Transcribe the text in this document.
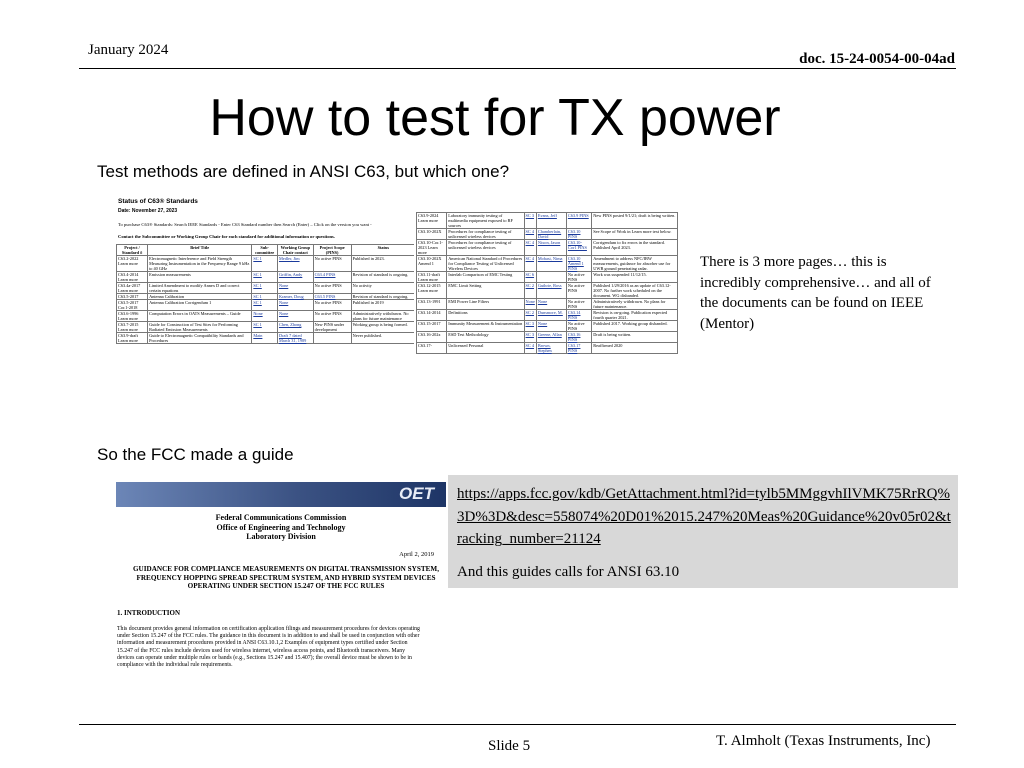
January 2024
doc. 15-24-0054-00-04ad
How to test for TX power
Test methods are defined in ANSI C63, but which one?
Status of C63® Standards
Date: November 27, 2023
To purchase C63® Standards: Search IEEE Standards - Enter C63 Standard number then Search (Enter) – Click on the version you want -
Contact the Subcommittee or Working Group Chair for each standard for additional information or questions.
Project / Standard #	Brief Title	Sub-committee	Working Group Chair contact	Project Scope (PINS)	Status
C63.2-2022 Learn more	Electromagnetic Interference and Field Strength Measuring Instrumentation in the Frequency Range 9 kHz to 40 GHz	SC 1	Medler, Jim	No active PINS	Published in 2023.
C63.4-2014 Learn more	Emission measurements	SC 1	Griffin, Andy	C63.4 PINS	Revision of standard is ongoing.
C63.4a-2017 Learn more	Limited Amendment to modify Annex D and correct certain equations	SC 1	None	No active PINS	No activity
C63.5-2017	Antenna Calibration	SC 1	Kramer, Doug	C63.5 PINS	Revision of standard is ongoing.
C63.5-2017 Cor.1-2018	Antenna Calibration Corrigendum 1	SC 1	None	No active PINS	Published in 2019
C63.6-1996 Learn more	Computation Errors in OATS Measurements – Guide	None	None	No active PINS	Administratively withdrawn. No plans for future maintenance
C63.7-2015 Learn more	Guide for Construction of Test Sites for Performing Radiated Emission Measurements	SC 1	Chen, Zhong	New PINS under development	Working group is being formed.
C63.9-draft Learn more	Guide to Electromagnetic Compatibility Standards and Procedures	Main	Draft 7 dated March 31, 1989		Never published.
C63.9-2024 Learn more	Laboratory immunity testing of multimedia equipment exposed to RF sources	SC 3	Evans, Jeff	C63.9 PINS	New PINS posted 9/1/21; draft is being written.
C63.10-202X	Procedures for compliance testing of unlicensed wireless devices	SC 4	Chamberlain, David	C63.10 PINS	See Scope of Work in Learn more text below.
C63.10-Cor.1-2023 Learn more	Procedures for compliance testing of unlicensed wireless devices	SC 4	Nixon, Jason	C63.10-Cor1 PINS	Corrigendum to fix errors in the standard. Published April 2023.
C63.10-202X Amend 1	American National Standard of Procedures for Compliance Testing of Unlicensed Wireless Devices	SC 4	Mobasi, Nima	C63.10 Amend 1 PINS	Amendment to address NFC/IBW measurements, guidance for absorber use for UWB ground penetrating radar.
C63.11-draft Learn more	Interlab Comparison of EMC Testing	SC 6		No active PINS	Work was suspended 11/12/15.
C63.12-2015 Learn more	EMC Limit Setting	SC 2	Guthrie, Ross	No active PINS	Published 1/29/2016 as an update of C63.12-2007. No further work scheduled on the document. WG disbanded.
C63.13-1991	EMI Power Line Filters	None	None	No active PINS	Administratively withdrawn. No plans for future maintenance.
C63.14-2014	Definitions	SC 2	Dunsmore, M.	C63.14 PINS	Revision is on-going. Publication expected fourth quarter 2021.
C63.15-2017	Immunity Measurement & Instrumentation	SC 3	None	No active PINS	Published 2017. Working group disbanded.
C63.16-202x	ESD Test Methodology	SC 3	Greene, Allan	C63.16 PINS	Draft is being written.
C63.17-	Unlicensed Personal	SC 4	Brown, Stephen	C63.17 PINS	Reaffirmed 2020
There is 3 more pages… this is incredibly comprehensive… and all of the documents can be found on IEEE (Mentor)
So the FCC made a guide
OET
Federal Communications Commission
Office of Engineering and Technology
Laboratory Division
April 2, 2019
GUIDANCE FOR COMPLIANCE MEASUREMENTS ON DIGITAL TRANSMISSION SYSTEM, FREQUENCY HOPPING SPREAD SPECTRUM SYSTEM, AND HYBRID SYSTEM DEVICES OPERATING UNDER SECTION 15.247 OF THE FCC RULES
1. INTRODUCTION
This document provides general information on certification application filings and measurement procedures for devices operating under Section 15.247 of the FCC rules. The guidance in this document is in addition to and shall be used in conjunction with other information and measurement procedures provided in ANSI C63.10.1,2 Examples of equipment types certified under Section 15.247 of the FCC rules include devices used for wireless internet, wireless access points, and Bluetooth transceivers. Many devices can operate under multiple rules or bands (e.g., Sections 15.247 and 15.407); the overall device must be shown to be in compliance with the individual rule requirements.
https://apps.fcc.gov/kdb/GetAttachment.html?id=tylb5MMggvhIlVMK75RrRQ%3D%3D&desc=558074%20D01%2015.247%20Meas%20Guidance%20v05r02&tracking_number=21124
And this guides calls for ANSI 63.10
Slide 5	T. Almholt (Texas Instruments, Inc)
